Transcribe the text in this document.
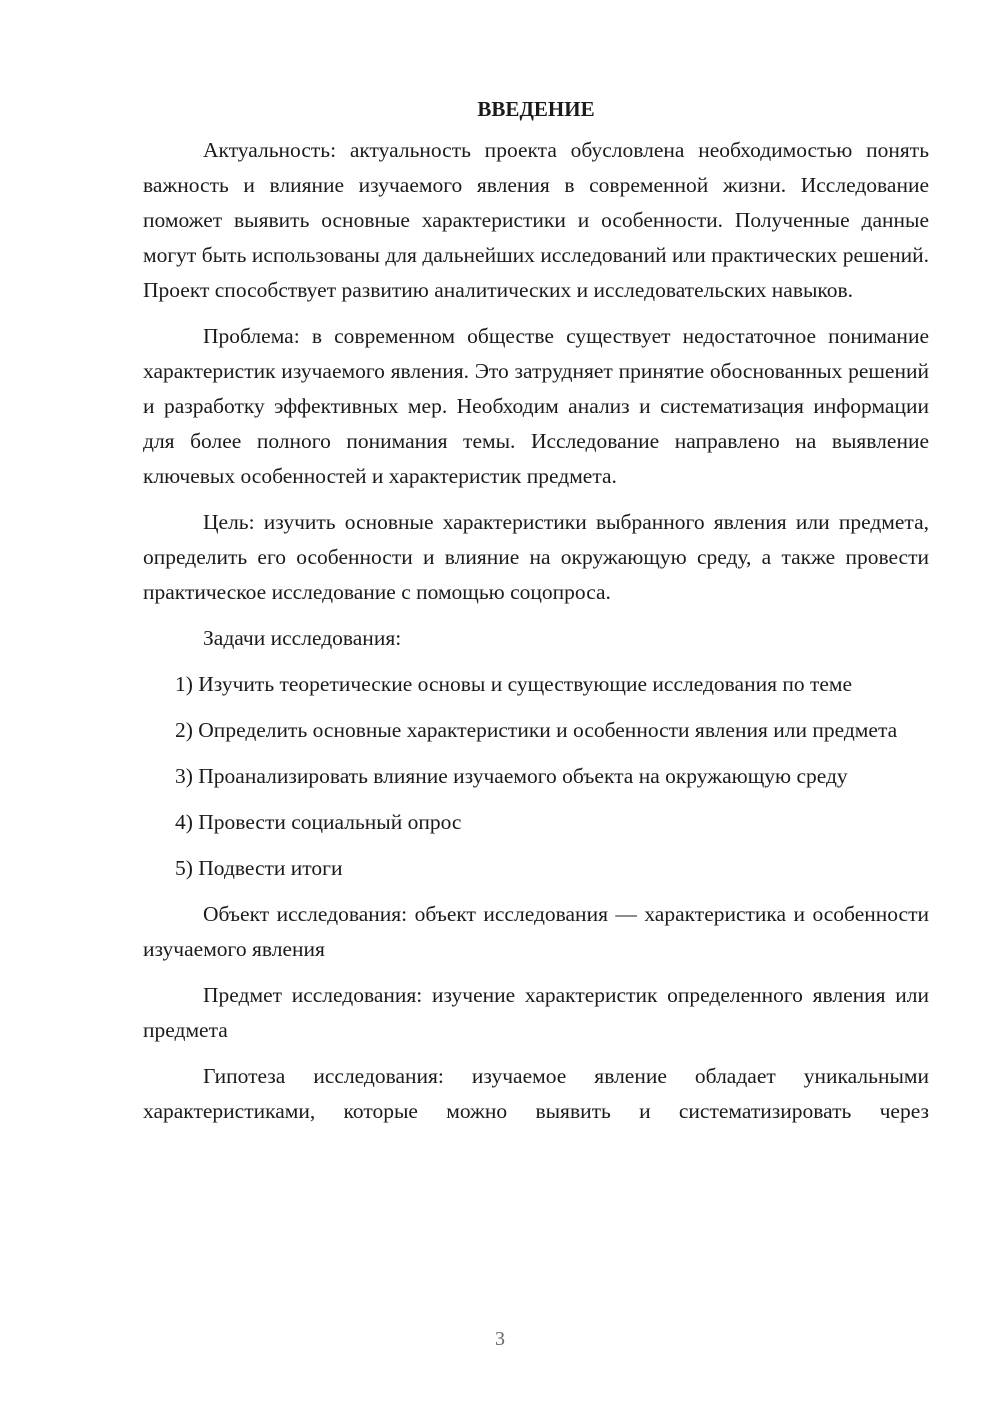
ВВЕДЕНИЕ

Актуальность: актуальность проекта обусловлена необходимостью понять важность и влияние изучаемого явления в современной жизни. Исследование поможет выявить основные характеристики и особенности. Полученные данные могут быть использованы для дальнейших исследований или практических решений. Проект способствует развитию аналитических и исследовательских навыков.

Проблема: в современном обществе существует недостаточное понимание характеристик изучаемого явления. Это затрудняет принятие обоснованных решений и разработку эффективных мер. Необходим анализ и систематизация информации для более полного понимания темы. Исследование направлено на выявление ключевых особенностей и характеристик предмета.

Цель: изучить основные характеристики выбранного явления или предмета, определить его особенности и влияние на окружающую среду, а также провести практическое исследование с помощью соцопроса.

Задачи исследования:

1) Изучить теоретические основы и существующие исследования по теме

2) Определить основные характеристики и особенности явления или предмета

3) Проанализировать влияние изучаемого объекта на окружающую среду

4) Провести социальный опрос

5) Подвести итоги

Объект исследования: объект исследования — характеристика и особенности изучаемого явления

Предмет исследования: изучение характеристик определенного явления или предмета

Гипотеза исследования: изучаемое явление обладает уникальными характеристиками, которые можно выявить и систематизировать через

3
